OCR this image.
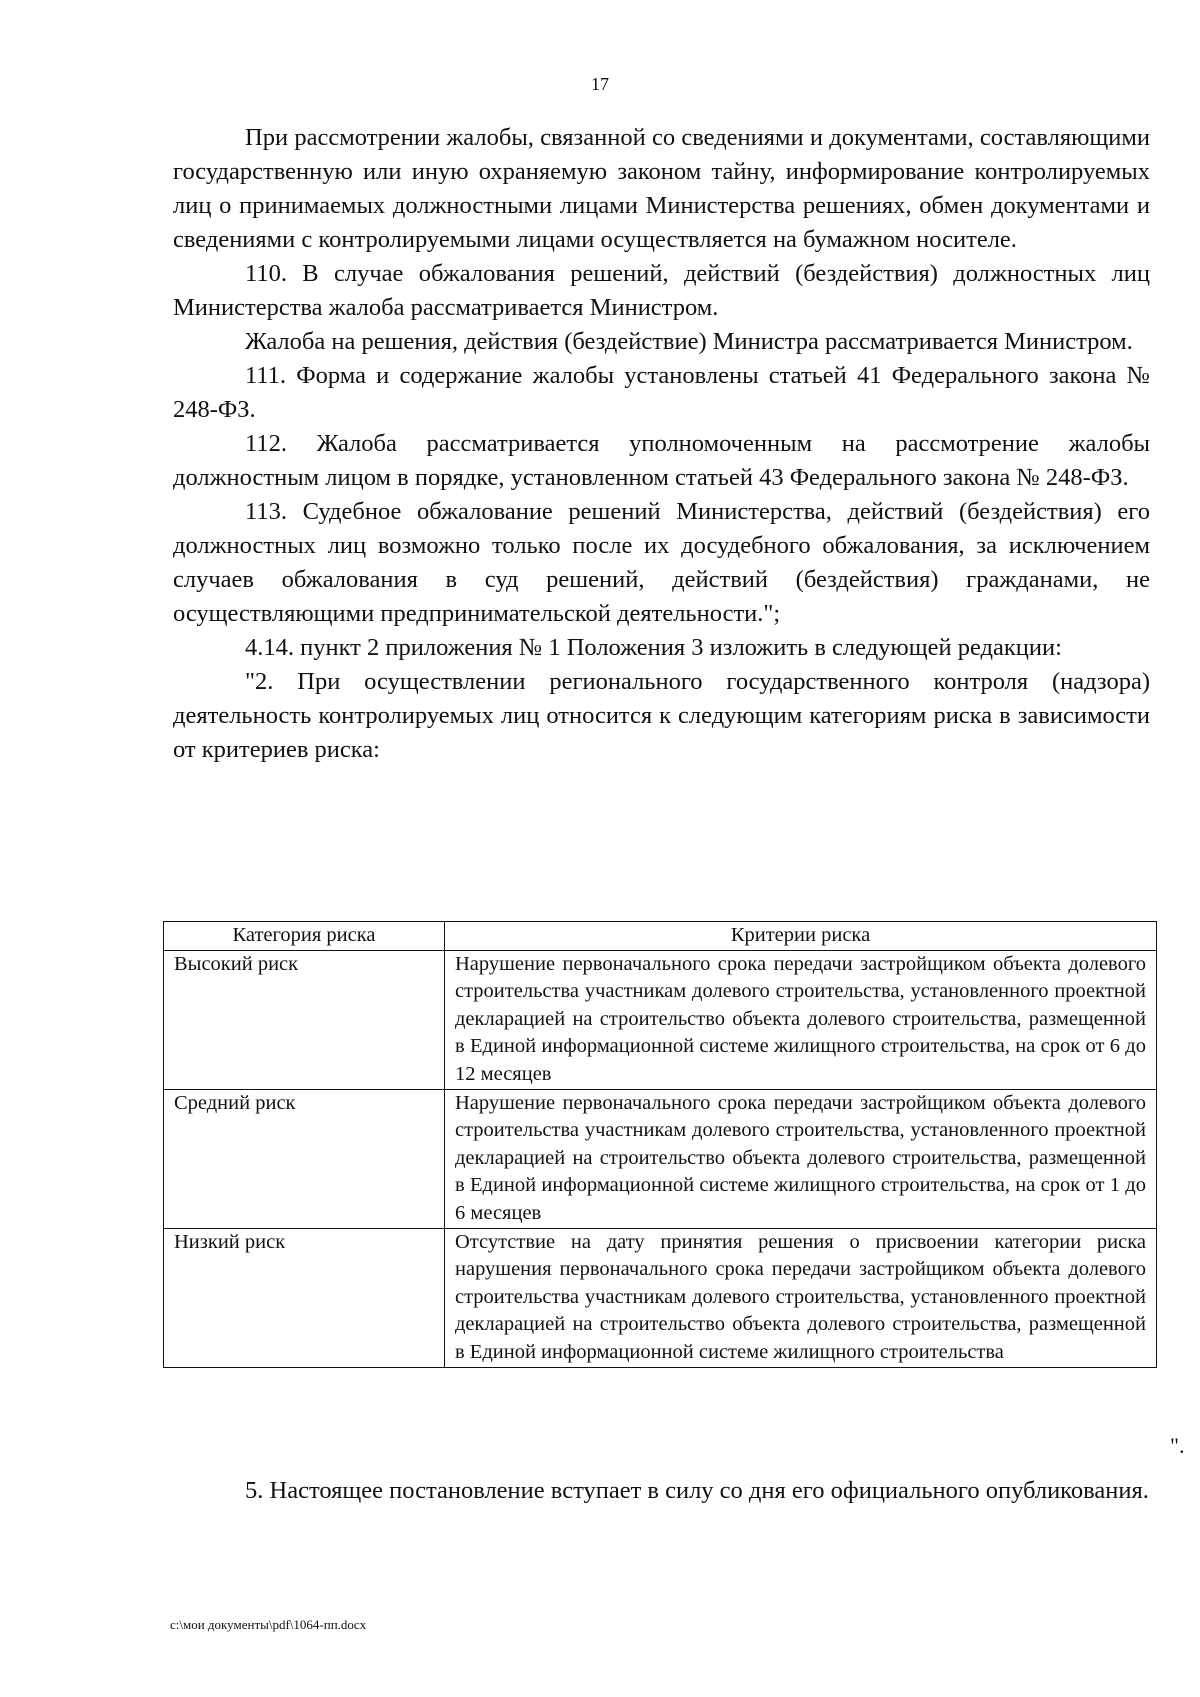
17

При рассмотрении жалобы, связанной со сведениями и документами, составляющими государственную или иную охраняемую законом тайну, информирование контролируемых лиц о принимаемых должностными лицами Министерства решениях, обмен документами и сведениями с контролируемыми лицами осуществляется на бумажном носителе.

110. В случае обжалования решений, действий (бездействия) должностных лиц Министерства жалоба рассматривается Министром.

Жалоба на решения, действия (бездействие) Министра рассматривается Министром.

111. Форма и содержание жалобы установлены статьей 41 Федерального закона № 248-ФЗ.

112. Жалоба рассматривается уполномоченным на рассмотрение жалобы должностным лицом в порядке, установленном статьей 43 Федерального закона № 248-ФЗ.

113. Судебное обжалование решений Министерства, действий (бездействия) его должностных лиц возможно только после их досудебного обжалования, за исключением случаев обжалования в суд решений, действий (бездействия) гражданами, не осуществляющими предпринимательской деятельности.";

4.14. пункт 2 приложения № 1 Положения 3 изложить в следующей редакции:

"2. При осуществлении регионального государственного контроля (надзора) деятельность контролируемых лиц относится к следующим категориям риска в зависимости от критериев риска:

Категория риска	Критерии риска
Высокий риск	Нарушение первоначального срока передачи застройщиком объекта долевого строительства участникам долевого строительства, установленного проектной декларацией на строительство объекта долевого строительства, размещенной в Единой информационной системе жилищного строительства, на срок от 6 до 12 месяцев
Средний риск	Нарушение первоначального срока передачи застройщиком объекта долевого строительства участникам долевого строительства, установленного проектной декларацией на строительство объекта долевого строительства, размещенной в Единой информационной системе жилищного строительства, на срок от 1 до 6 месяцев
Низкий риск	Отсутствие на дату принятия решения о присвоении категории риска нарушения первоначального срока передачи застройщиком объекта долевого строительства участникам долевого строительства, установленного проектной декларацией на строительство объекта долевого строительства, размещенной в Единой информационной системе жилищного строительства
".

5. Настоящее постановление вступает в силу со дня его официального опубликования.

c:\мои документы\pdf\1064-пп.docx
